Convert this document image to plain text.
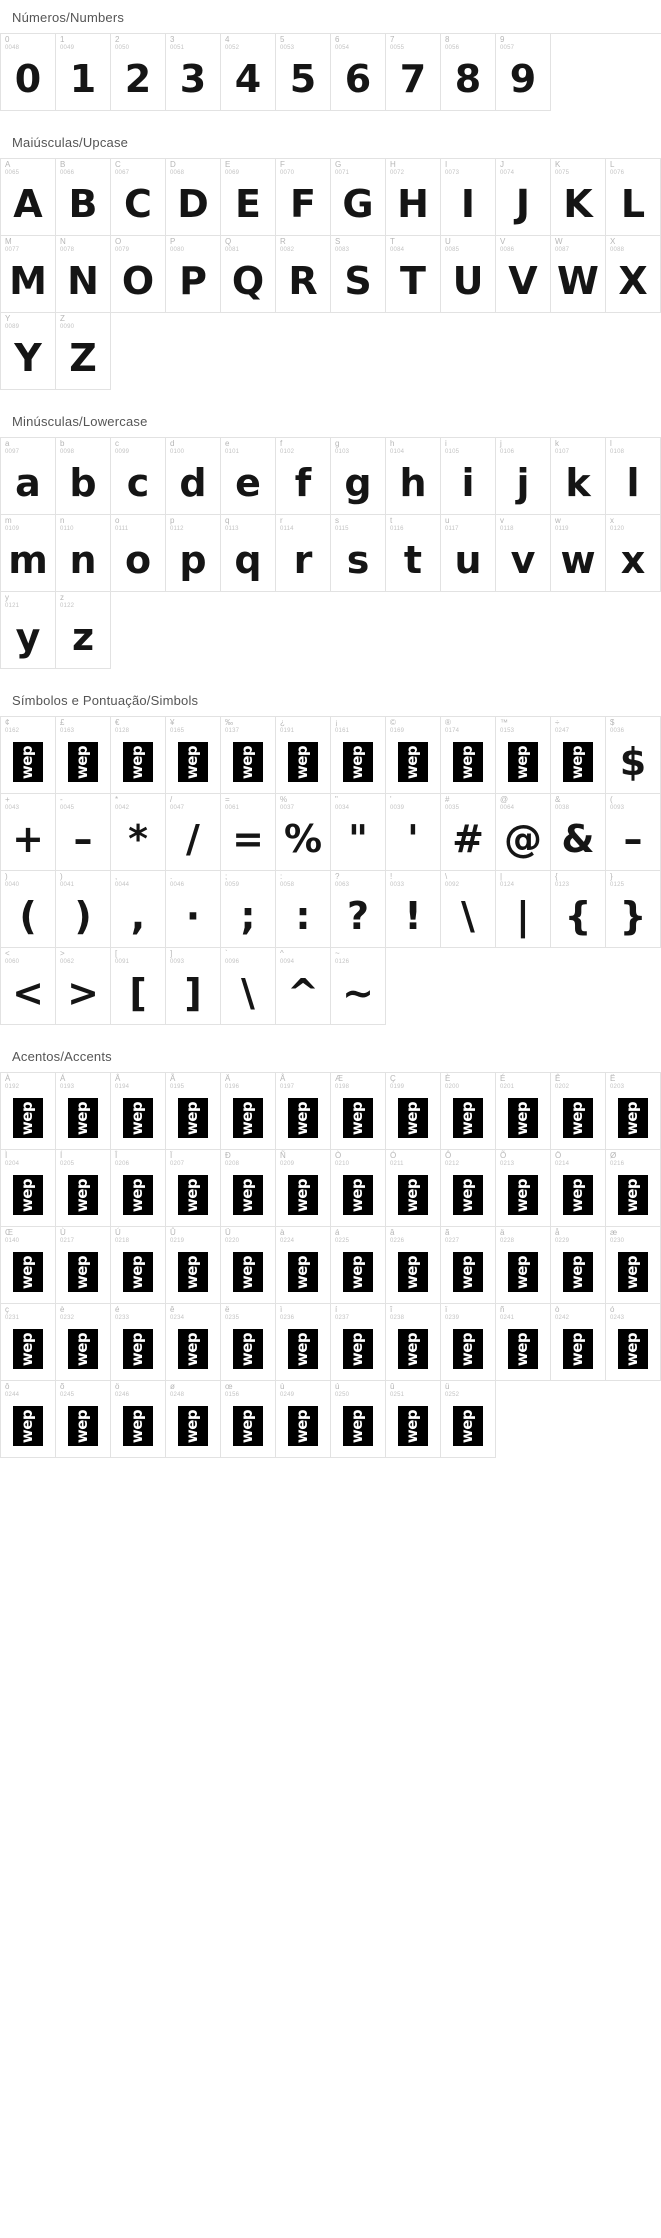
Números/Numbers
0
0048
0
1
0049
1
2
0050
2
3
0051
3
4
0052
4
5
0053
5
6
0054
6
7
0055
7
8
0056
8
9
0057
9
Maiúsculas/Upcase
A
0065
A
B
0066
B
C
0067
C
D
0068
D
E
0069
E
F
0070
F
G
0071
G
H
0072
H
I
0073
I
J
0074
J
K
0075
K
L
0076
L
M
0077
M
N
0078
N
O
0079
O
P
0080
P
Q
0081
Q
R
0082
R
S
0083
S
T
0084
T
U
0085
U
V
0086
V
W
0087
W
X
0088
X
Y
0089
Y
Z
0090
Z
Minúsculas/Lowercase
a
0097
a
b
0098
b
c
0099
c
d
0100
d
e
0101
e
f
0102
f
g
0103
g
h
0104
h
i
0105
i
j
0106
j
k
0107
k
l
0108
l
m
0109
m
n
0110
n
o
0111
o
p
0112
p
q
0113
q
r
0114
r
s
0115
s
t
0116
t
u
0117
u
v
0118
v
w
0119
w
x
0120
x
y
0121
y
z
0122
z
Símbolos e Pontuação/Simbols
¢
0162
wep
£
0163
wep
€
0128
wep
¥
0165
wep
‰
0137
wep
¿
0191
wep
¡
0161
wep
©
0169
wep
®
0174
wep
™
0153
wep
÷
0247
wep
$
0036
$
+
0043
+
-
0045
–
*
0042
*
/
0047
/
=
0061
=
%
0037
%
"
0034
"
'
0039
'
#
0035
#
@
0064
@
&
0038
&
(
0093
–
)
0040
(
)
0041
)
,
0044
,
.
0046
·
;
0059
;
:
0058
:
?
0063
?
!
0033
!
\
0092
\
|
0124
|
{
0123
{
}
0125
}
<
0060
<
>
0062
>
[
0091
[
]
0093
]
`
0096
\
^
0094
^
~
0126
~
Acentos/Accents
À
0192
wep
Á
0193
wep
Â
0194
wep
Ã
0195
wep
Ä
0196
wep
Å
0197
wep
Æ
0198
wep
Ç
0199
wep
È
0200
wep
É
0201
wep
Ê
0202
wep
Ë
0203
wep
Ì
0204
wep
Í
0205
wep
Î
0206
wep
Ï
0207
wep
Ð
0208
wep
Ñ
0209
wep
Ò
0210
wep
Ó
0211
wep
Ô
0212
wep
Õ
0213
wep
Ö
0214
wep
Ø
0216
wep
Œ
0140
wep
Ù
0217
wep
Ú
0218
wep
Û
0219
wep
Ü
0220
wep
à
0224
wep
á
0225
wep
â
0226
wep
ã
0227
wep
ä
0228
wep
å
0229
wep
æ
0230
wep
ç
0231
wep
è
0232
wep
é
0233
wep
ê
0234
wep
ë
0235
wep
ì
0236
wep
í
0237
wep
î
0238
wep
ï
0239
wep
ñ
0241
wep
ò
0242
wep
ó
0243
wep
ô
0244
wep
õ
0245
wep
ö
0246
wep
ø
0248
wep
œ
0156
wep
ù
0249
wep
ú
0250
wep
û
0251
wep
ü
0252
wep
